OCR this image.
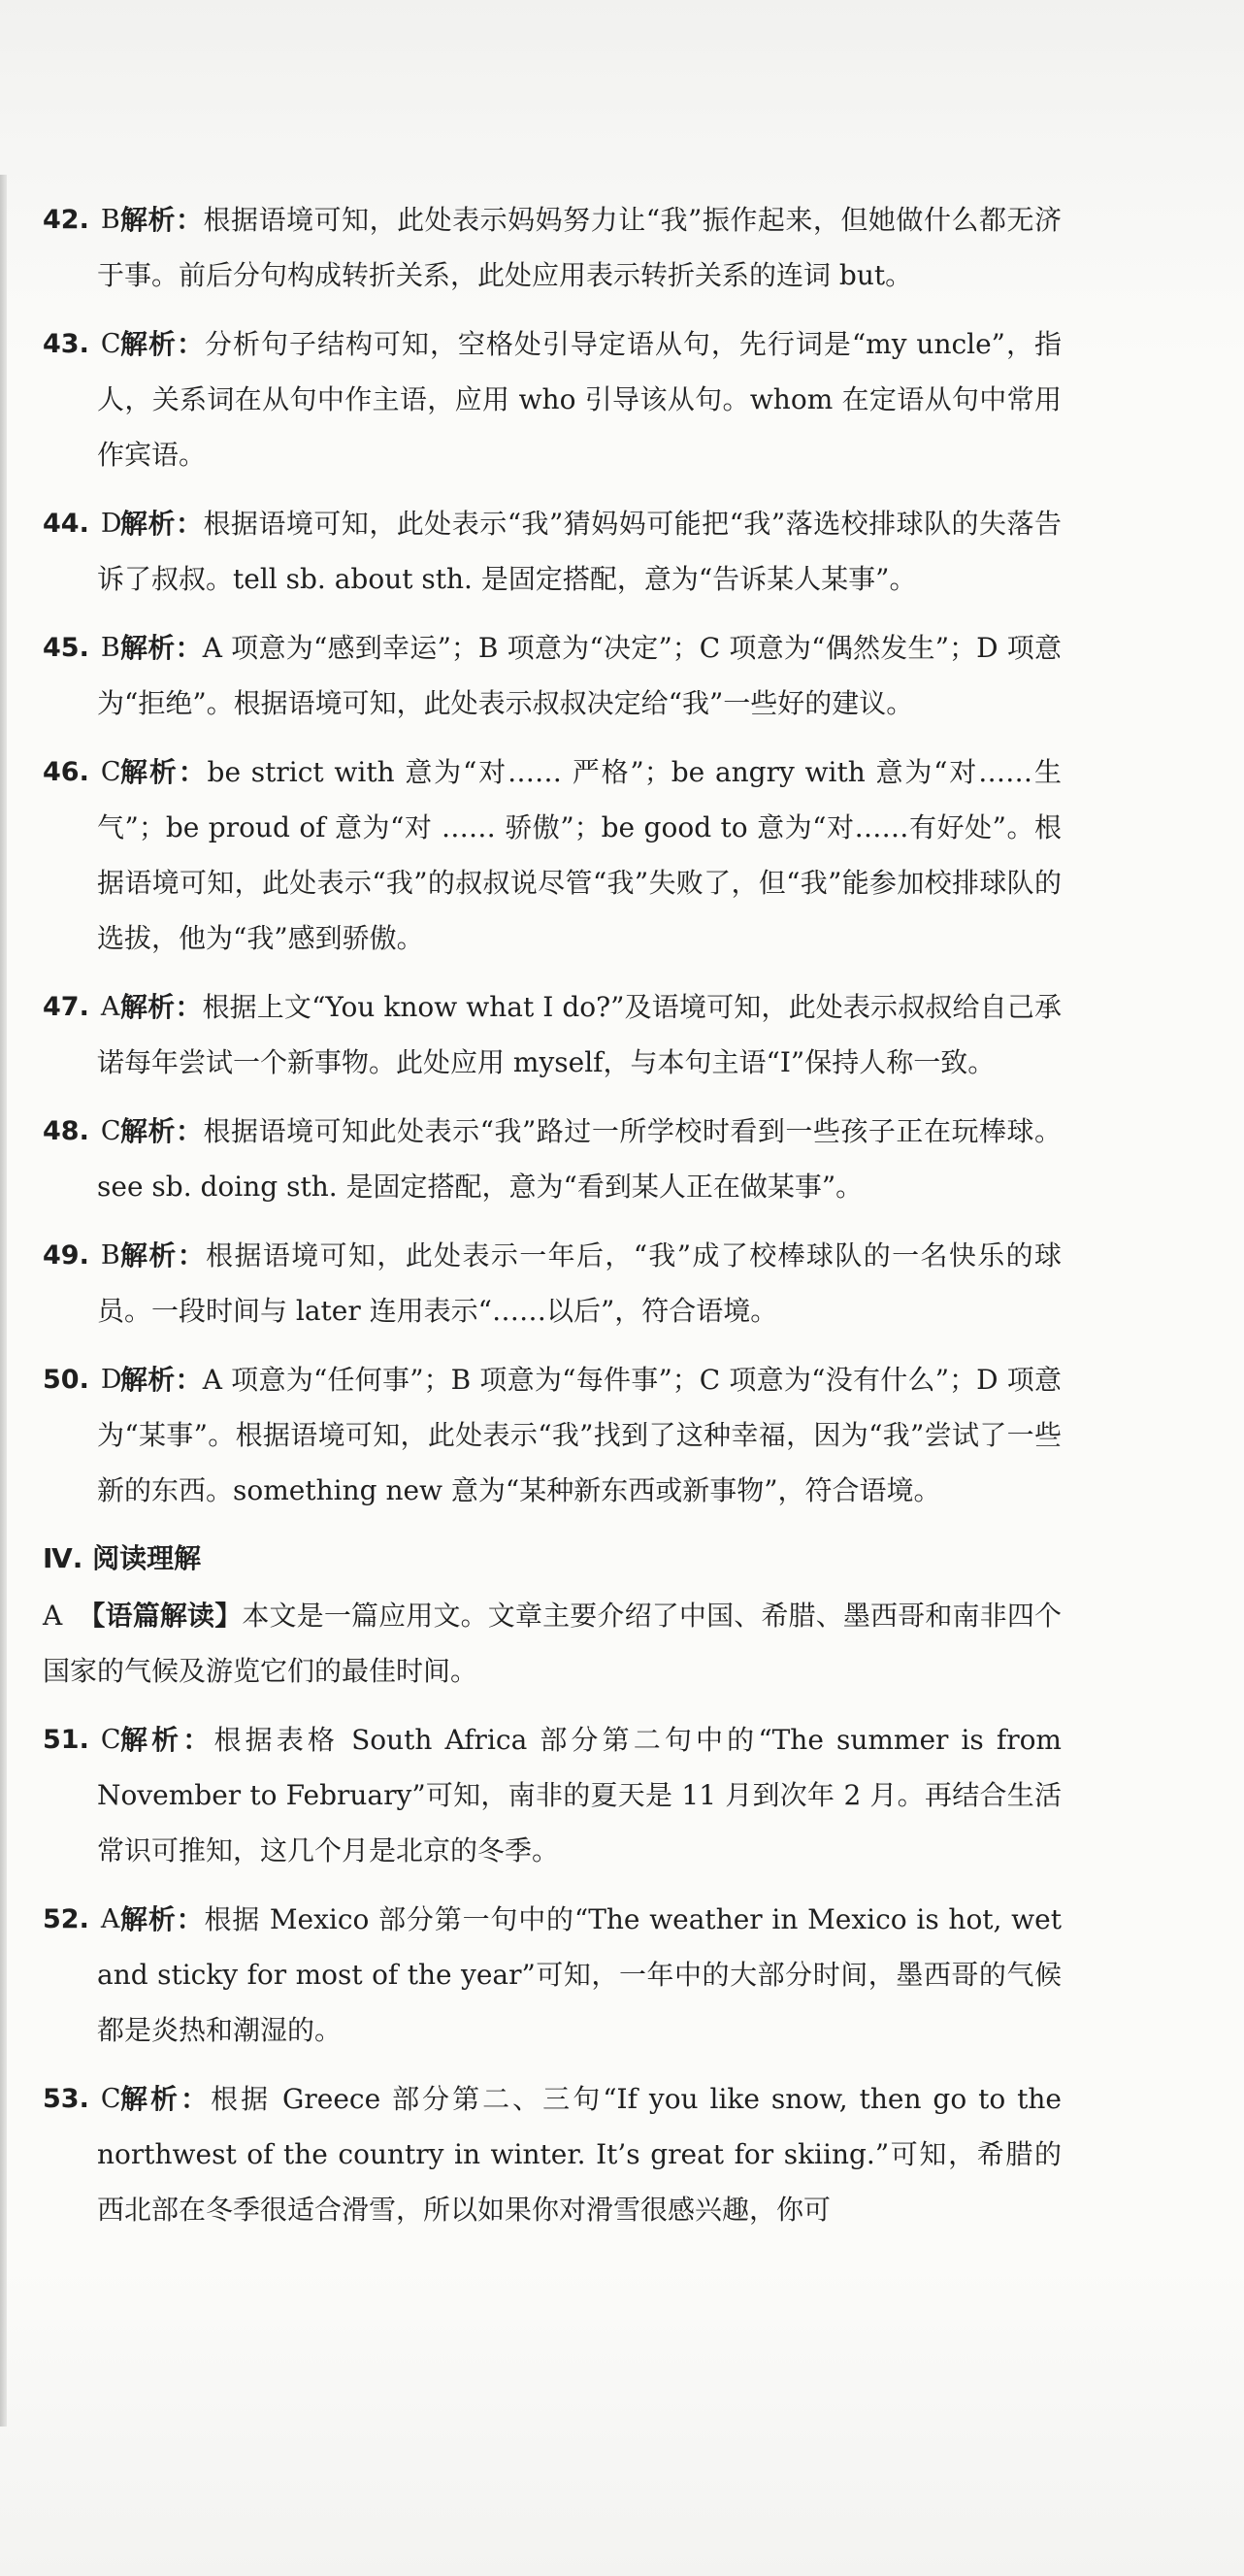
42. B 解析：根据语境可知，此处表示妈妈努力让“我”振作起来，但她做什么都无济于事。前后分句构成转折关系，此处应用表示转折关系的连词 but。
43. C 解析：分析句子结构可知，空格处引导定语从句，先行词是“my uncle”，指人，关系词在从句中作主语，应用 who 引导该从句。whom 在定语从句中常用作宾语。
44. D
解析：根据语境可知，此处表示“我”猜妈妈可能把“我”落选校排球队的失落告诉了叔叔。tell sb. about sth. 是固定搭配，意为“告诉某人某事”。
45. B 解析：A 项意为“感到幸运”；B 项意为“决定”；C 项意为“偶然发生”；D 项意为“拒绝”。根据语境可知，此处表示叔叔决定给“我”一些好的建议。
46. C 解析：be strict with 意为“对…… 严格”；be angry with 意为“对……生气”；be proud of 意为“对 …… 骄傲”；be good to 意为“对……有好处”。根据语境可知，此处表示“我”的叔叔说尽管“我”失败了，但“我”能参加校排球队的选拔，他为“我”感到骄傲。
47. A 解析：根据上文“You know what I do?”及语境可知，此处表示叔叔给自己承诺每年尝试一个新事物。此处应用 myself，与本句主语“I”保持人称一致。
48. C 解析：根据语境可知此处表示“我”路过一所学校时看到一些孩子正在玩棒球。see sb. doing sth. 是固定搭配，意为“看到某人正在做某事”。
49. B 解析：根据语境可知，此处表示一年后，“我”成了校棒球队的一名快乐的球员。一段时间与 later 连用表示“……以后”，符合语境。
50. D
解析：A 项意为“任何事”；B 项意为“每件事”；C 项意为“没有什么”；D 项意为“某事”。根据语境可知，此处表示“我”找到了这种幸福，因为“我”尝试了一些新的东西。something new 意为“某种新东西或新事物”，符合语境。
Ⅳ. 阅读理解
A 【语篇解读】本文是一篇应用文。文章主要介绍了中国、希腊、墨西哥和南非四个国家的气候及游览它们的最佳时间。
51. C 解析：根据表格 South Africa 部分第二句中的“The summer is from November to February”可知，南非的夏天是 11 月到次年 2 月。再结合生活常识可推知，这几个月是北京的冬季。
52. A 解析：根据 Mexico 部分第一句中的“The weather in Mexico is hot, wet and sticky for most of the year”可知，一年中的大部分时间，墨西哥的气候都是炎热和潮湿的。
53. C 解析：根据 Greece 部分第二、三句“If you like snow, then go to the northwest of the country in winter. It’s great for skiing.”可知，希腊的西北部在冬季很适合滑雪，所以如果你对滑雪很感兴趣，你可
